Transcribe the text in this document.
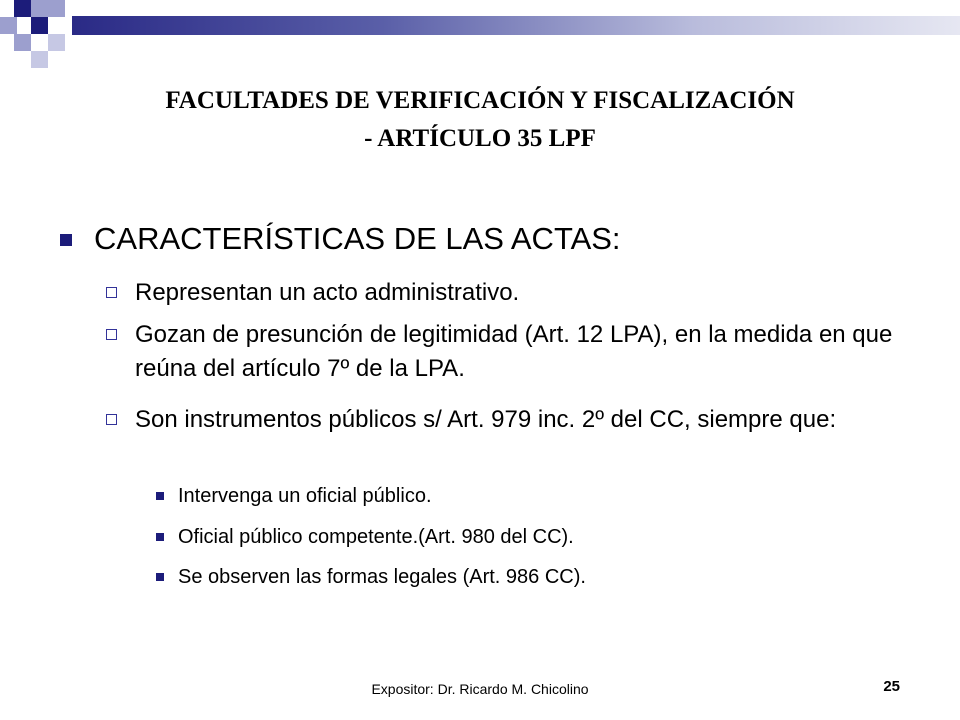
FACULTADES DE VERIFICACIÓN Y FISCALIZACIÓN
- ARTÍCULO 35 LPF
CARACTERÍSTICAS DE LAS ACTAS:
Representan un acto administrativo.
Gozan de presunción de legitimidad (Art. 12 LPA), en la medida en que reúna del artículo 7º de la LPA.
Son instrumentos públicos s/ Art. 979 inc. 2º del CC, siempre que:
Intervenga un oficial público.
Oficial público competente.(Art. 980 del CC).
Se observen las formas legales (Art. 986 CC).
Expositor: Dr. Ricardo M. Chicolino	25
